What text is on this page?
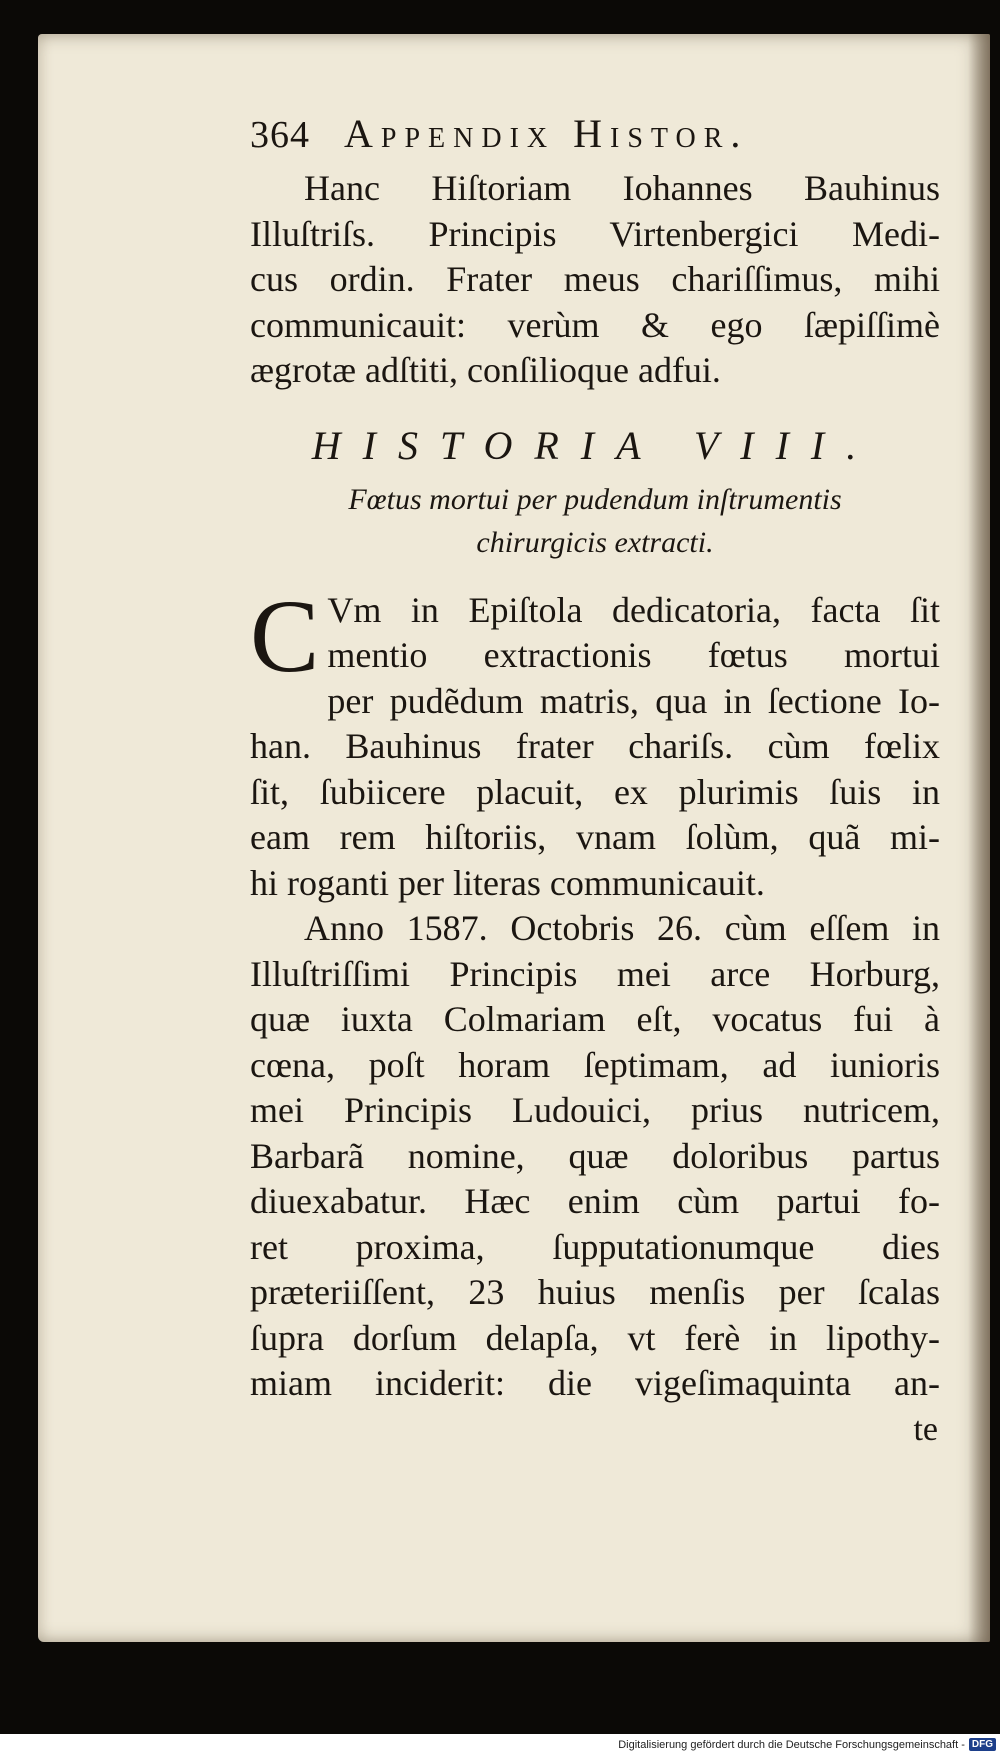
364 Appendix Histor.
Hanc Hiſtoriam Iohannes Bauhinus
Illuſtriſs. Principis Virtenbergici Medi-
cus ordin. Frater meus chariſſimus, mihi
communicauit: verùm & ego ſæpiſſimè
ægrotæ adſtiti, conſilioque adfui.
HISTORIA VIII.
Fœtus mortui per pudendum inſtrumentis
chirurgicis extracti.
C Vm in Epiſtola dedicatoria, facta ſit
mentio extractionis fœtus mortui
per pudẽdum matris, qua in ſectione Io-
han. Bauhinus frater chariſs. cùm fœlix
ſit, ſubiicere placuit, ex plurimis ſuis in
eam rem hiſtoriis, vnam ſolùm, quã mi-
hi roganti per literas communicauit.
Anno 1587. Octobris 26. cùm eſſem in
Illuſtriſſimi Principis mei arce Horburg,
quæ iuxta Colmariam eſt, vocatus fui à
cœna, poſt horam ſeptimam, ad iunioris
mei Principis Ludouici, prius nutricem,
Barbarã nomine, quæ doloribus partus
diuexabatur. Hæc enim cùm partui fo-
ret proxima, ſupputationumque dies
præteriiſſent, 23 huius menſis per ſcalas
ſupra dorſum delapſa, vt ferè in lipothy-
miam inciderit: die vigeſimaquinta an-
te
Digitalisierung gefördert durch die Deutsche Forschungsgemeinschaft - DFG
